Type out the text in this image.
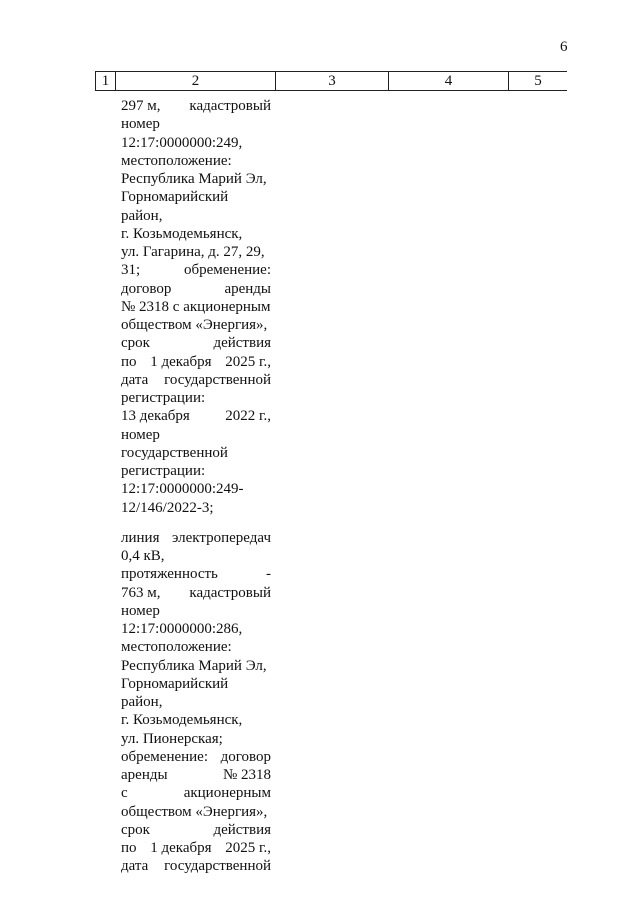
6
1	2	3	4	5
297 м, кадастровый
номер
12:17:0000000:249,
местоположение:
Республика Марий Эл,
Горномарийский
район,
г. Козьмодемьянск,
ул. Гагарина, д. 27, 29,
31;	обременение:
договор	аренды
№ 2318 с акционерным
обществом «Энергия»,
срок	действия
по 1 декабря 2025 г.,
дата государственной
регистрации:
13 декабря 2022 г.,
номер
государственной
регистрации:
12:17:0000000:249-
12/146/2022-3;
линия электропередач
0,4 кВ,
протяженность	-
763 м, кадастровый
номер
12:17:0000000:286,
местоположение:
Республика Марий Эл,
Горномарийский
район,
г. Козьмодемьянск,
ул. Пионерская;
обременение: договор
аренды	№ 2318
с	акционерным
обществом «Энергия»,
срок	действия
по 1 декабря 2025 г.,
дата государственной
